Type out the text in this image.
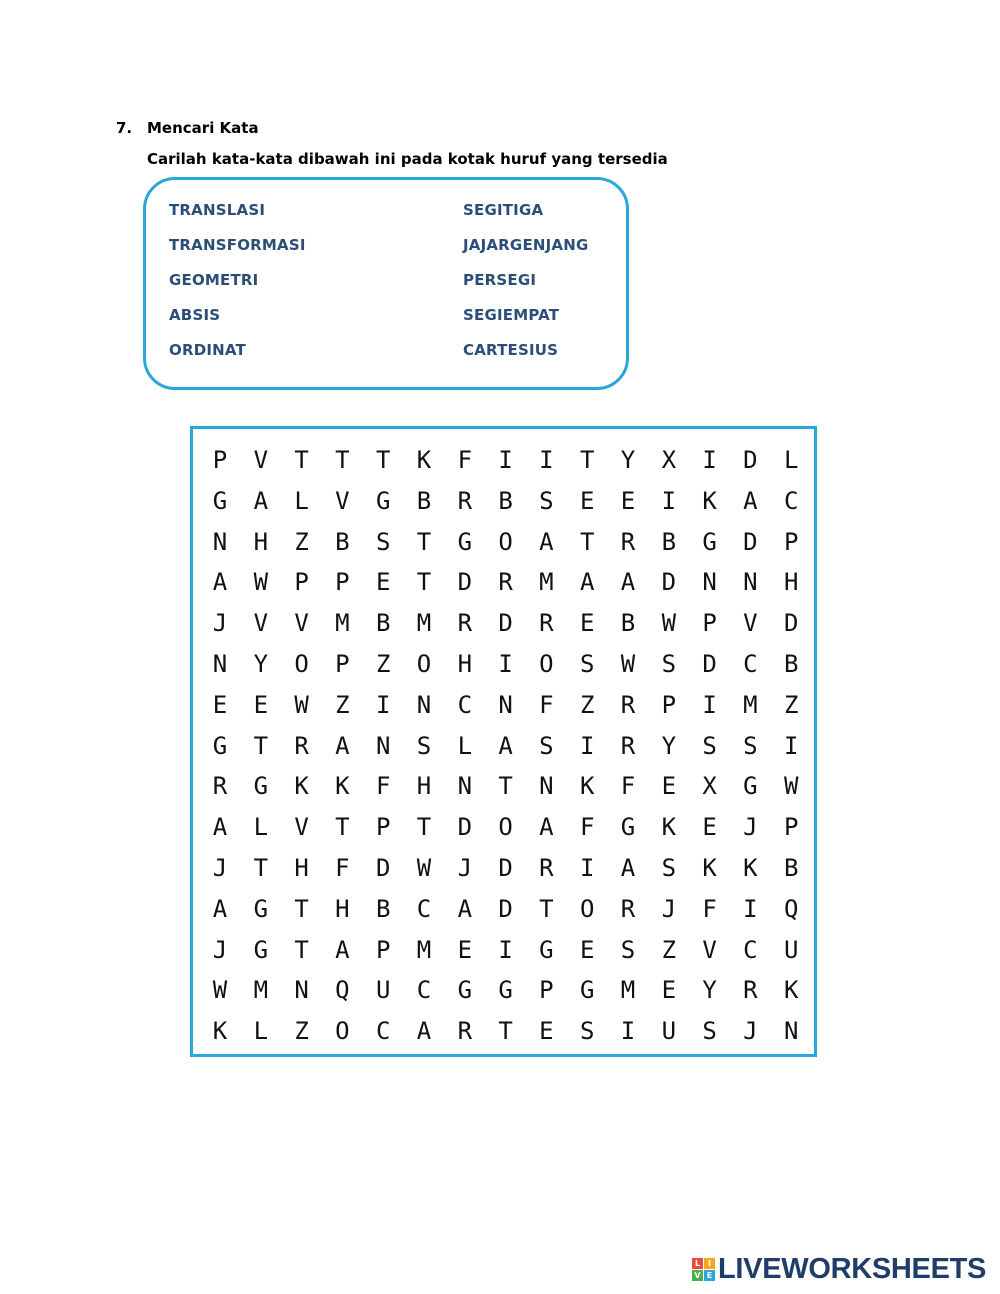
7. Mencari Kata
Carilah kata-kata dibawah ini pada kotak huruf yang tersedia
TRANSLASI
TRANSFORMASI
GEOMETRI
ABSIS
ORDINAT
SEGITIGA
JAJARGENJANG
PERSEGI
SEGIEMPAT
CARTESIUS
P	V	T	T	T	K	F	I	I	T	Y	X	I	D	L
G	A	L	V	G	B	R	B	S	E	E	I	K	A	C
N	H	Z	B	S	T	G	O	A	T	R	B	G	D	P
A	W	P	P	E	T	D	R	M	A	A	D	N	N	H
J	V	V	M	B	M	R	D	R	E	B	W	P	V	D
N	Y	O	P	Z	O	H	I	O	S	W	S	D	C	B
E	E	W	Z	I	N	C	N	F	Z	R	P	I	M	Z
G	T	R	A	N	S	L	A	S	I	R	Y	S	S	I
R	G	K	K	F	H	N	T	N	K	F	E	X	G	W
A	L	V	T	P	T	D	O	A	F	G	K	E	J	P
J	T	H	F	D	W	J	D	R	I	A	S	K	K	B
A	G	T	H	B	C	A	D	T	O	R	J	F	I	Q
J	G	T	A	P	M	E	I	G	E	S	Z	V	C	U
W	M	N	Q	U	C	G	G	P	G	M	E	Y	R	K
K	L	Z	O	C	A	R	T	E	S	I	U	S	J	N
L I
V E LIVEWORKSHEETS
